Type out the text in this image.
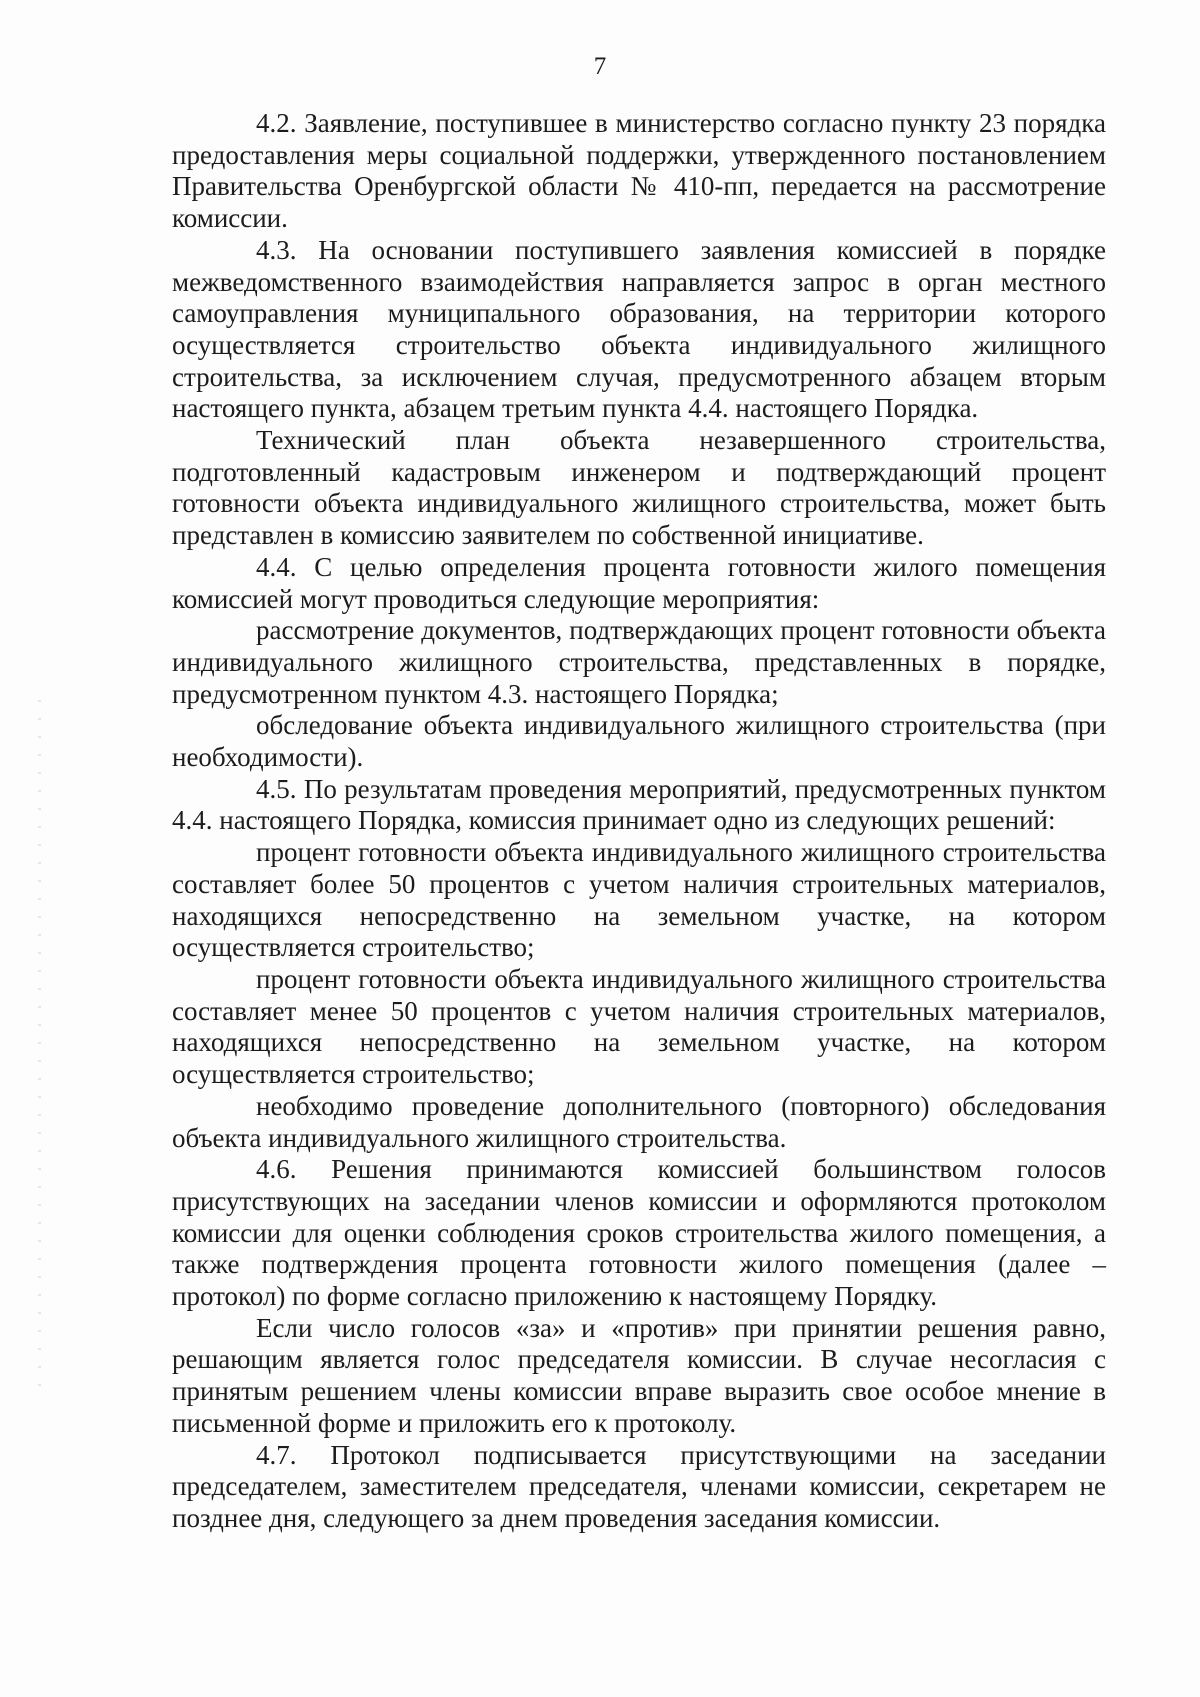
7

4.2. Заявление, поступившее в министерство согласно пункту 23 порядка предоставления меры социальной поддержки, утвержденного постановлением Правительства Оренбургской области № 410-пп, передается на рассмотрение комиссии.

4.3. На основании поступившего заявления комиссией в порядке межведомственного взаимодействия направляется запрос в орган местного самоуправления муниципального образования, на территории которого осуществляется строительство объекта индивидуального жилищного строительства, за исключением случая, предусмотренного абзацем вторым настоящего пункта, абзацем третьим пункта 4.4. настоящего Порядка.

Технический план объекта незавершенного строительства, подготовленный кадастровым инженером и подтверждающий процент готовности объекта индивидуального жилищного строительства, может быть представлен в комиссию заявителем по собственной инициативе.

4.4. С целью определения процента готовности жилого помещения комиссией могут проводиться следующие мероприятия:

рассмотрение документов, подтверждающих процент готовности объекта индивидуального жилищного строительства, представленных в порядке, предусмотренном пунктом 4.3. настоящего Порядка;

обследование объекта индивидуального жилищного строительства (при необходимости).

4.5. По результатам проведения мероприятий, предусмотренных пунктом 4.4. настоящего Порядка, комиссия принимает одно из следующих решений:

процент готовности объекта индивидуального жилищного строительства составляет более 50 процентов с учетом наличия строительных материалов, находящихся непосредственно на земельном участке, на котором осуществляется строительство;

процент готовности объекта индивидуального жилищного строительства составляет менее 50 процентов с учетом наличия строительных материалов, находящихся непосредственно на земельном участке, на котором осуществляется строительство;

необходимо проведение дополнительного (повторного) обследования объекта индивидуального жилищного строительства.

4.6. Решения принимаются комиссией большинством голосов присутствующих на заседании членов комиссии и оформляются протоколом комиссии для оценки соблюдения сроков строительства жилого помещения, а также подтверждения процента готовности жилого помещения (далее – протокол) по форме согласно приложению к настоящему Порядку.

Если число голосов «за» и «против» при принятии решения равно, решающим является голос председателя комиссии. В случае несогласия с принятым решением члены комиссии вправе выразить свое особое мнение в письменной форме и приложить его к протоколу.

4.7. Протокол подписывается присутствующими на заседании председателем, заместителем председателя, членами комиссии, секретарем не позднее дня, следующего за днем проведения заседания комиссии.
